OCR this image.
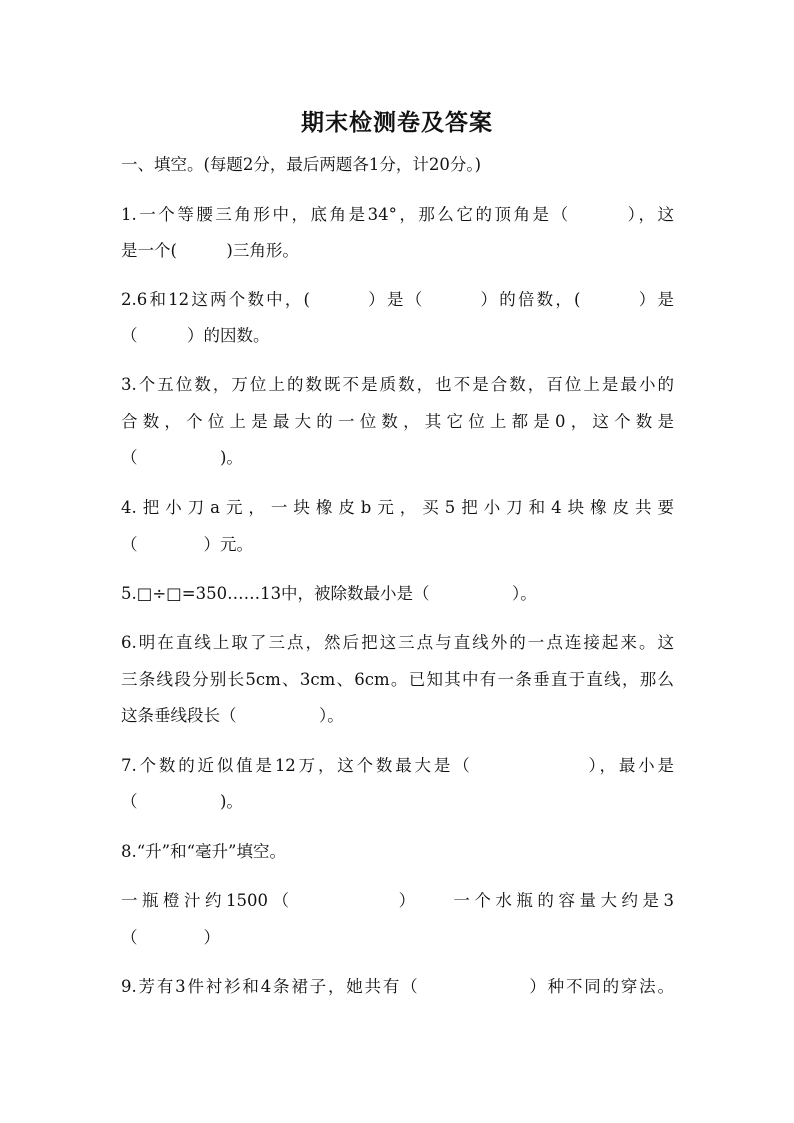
期末检测卷及答案
一、填空。(每题2分，最后两题各1分，计20分。)
1.一个等腰三角形中，底角是34°，那么它的顶角是（　　　），这
是一个(　　　)三角形。
2.6和12这两个数中，(　　　）是（　　　）的倍数，(　　　）是
（　　　）的因数。
3.个五位数，万位上的数既不是质数，也不是合数，百位上是最小的
合数，个位上是最大的一位数，其它位上都是0，这个数是
（　　　　　)。
4.把小刀a元，一块橡皮b元，买5把小刀和4块橡皮共要
（　　　　）元。
5.□÷□=350……13中，被除数最小是（　　　　　）。
6.明在直线上取了三点，然后把这三点与直线外的一点连接起来。这
三条线段分别长5cm、3cm、6cm。已知其中有一条垂直于直线，那么
这条垂线段长（　　　　　）。
7.个数的近似值是12万，这个数最大是（　　　　　　），最小是
（　　　　　)。
8.“升”和“毫升”填空。
一瓶橙汁约1500（　　　　　）　　一个水瓶的容量大约是3
（　　　　）
9.芳有3件衬衫和4条裙子，她共有（　　　　　　）种不同的穿法。
